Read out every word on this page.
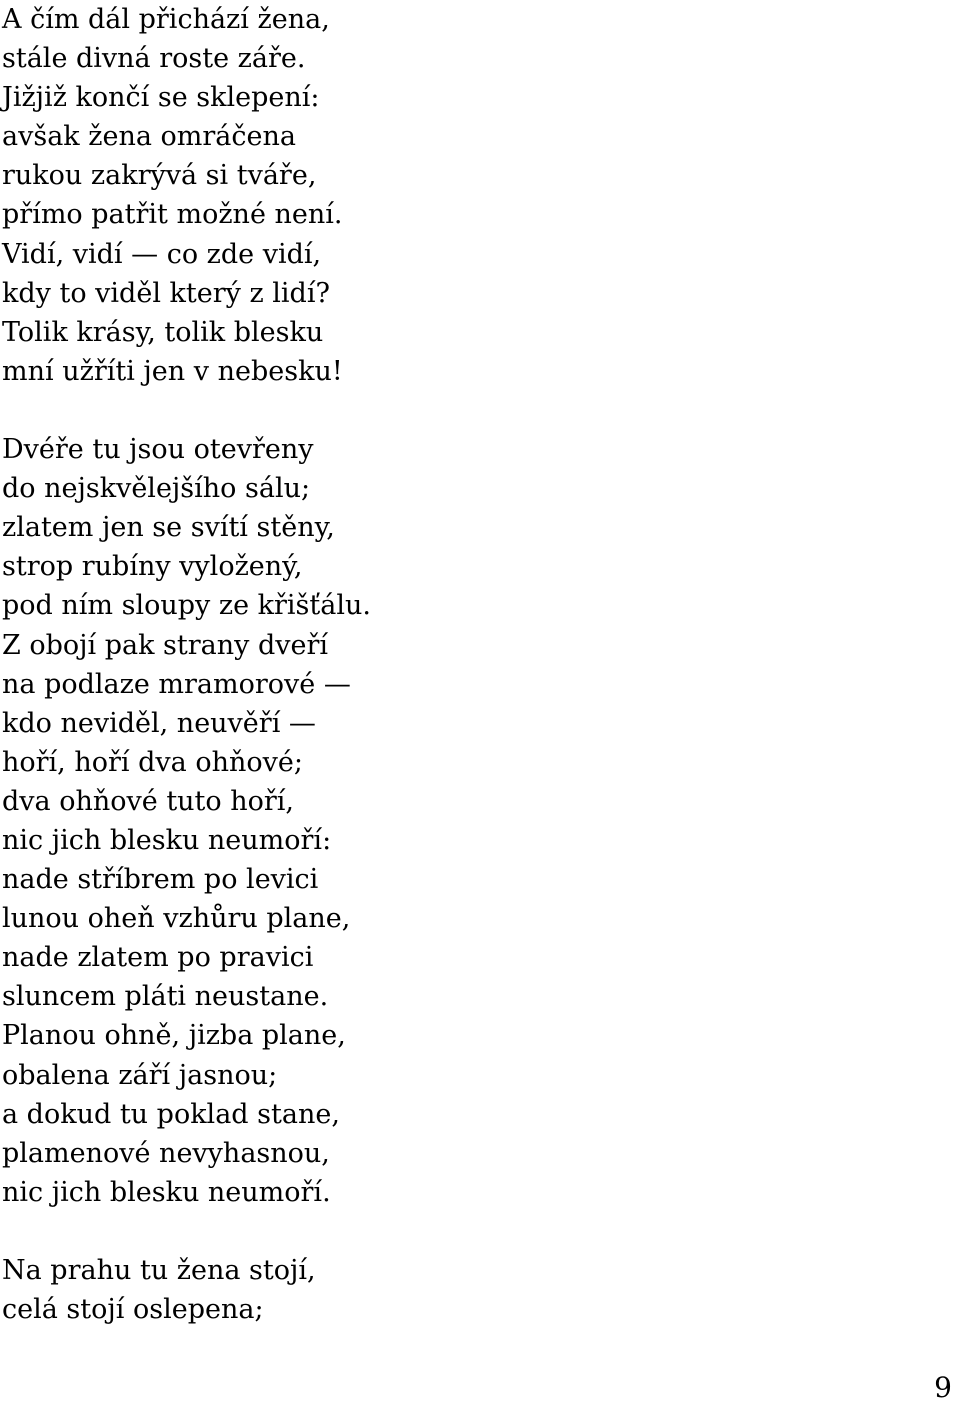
A čím dál přichází žena,
stále divná roste záře.
Jižjiž končí se sklepení:
avšak žena omráčena
rukou zakrývá si tváře,
přímo patřit možné není.
Vidí, vidí — co zde vidí,
kdy to viděl který z lidí?
Tolik krásy, tolik blesku
mní užříti jen v nebesku!
Dvéře tu jsou otevřeny
do nejskvělejšího sálu;
zlatem jen se svítí stěny,
strop rubíny vyložený,
pod ním sloupy ze křišťálu.
Z obojí pak strany dveří
na podlaze mramorové —
kdo neviděl, neuvěří —
hoří, hoří dva ohňové;
dva ohňové tuto hoří,
nic jich blesku neumoří:
nade stříbrem po levici
lunou oheň vzhůru plane,
nade zlatem po pravici
sluncem pláti neustane.
Planou ohně, jizba plane,
obalena září jasnou;
a dokud tu poklad stane,
plamenové nevyhasnou,
nic jich blesku neumoří.
Na prahu tu žena stojí,
celá stojí oslepena;
9
